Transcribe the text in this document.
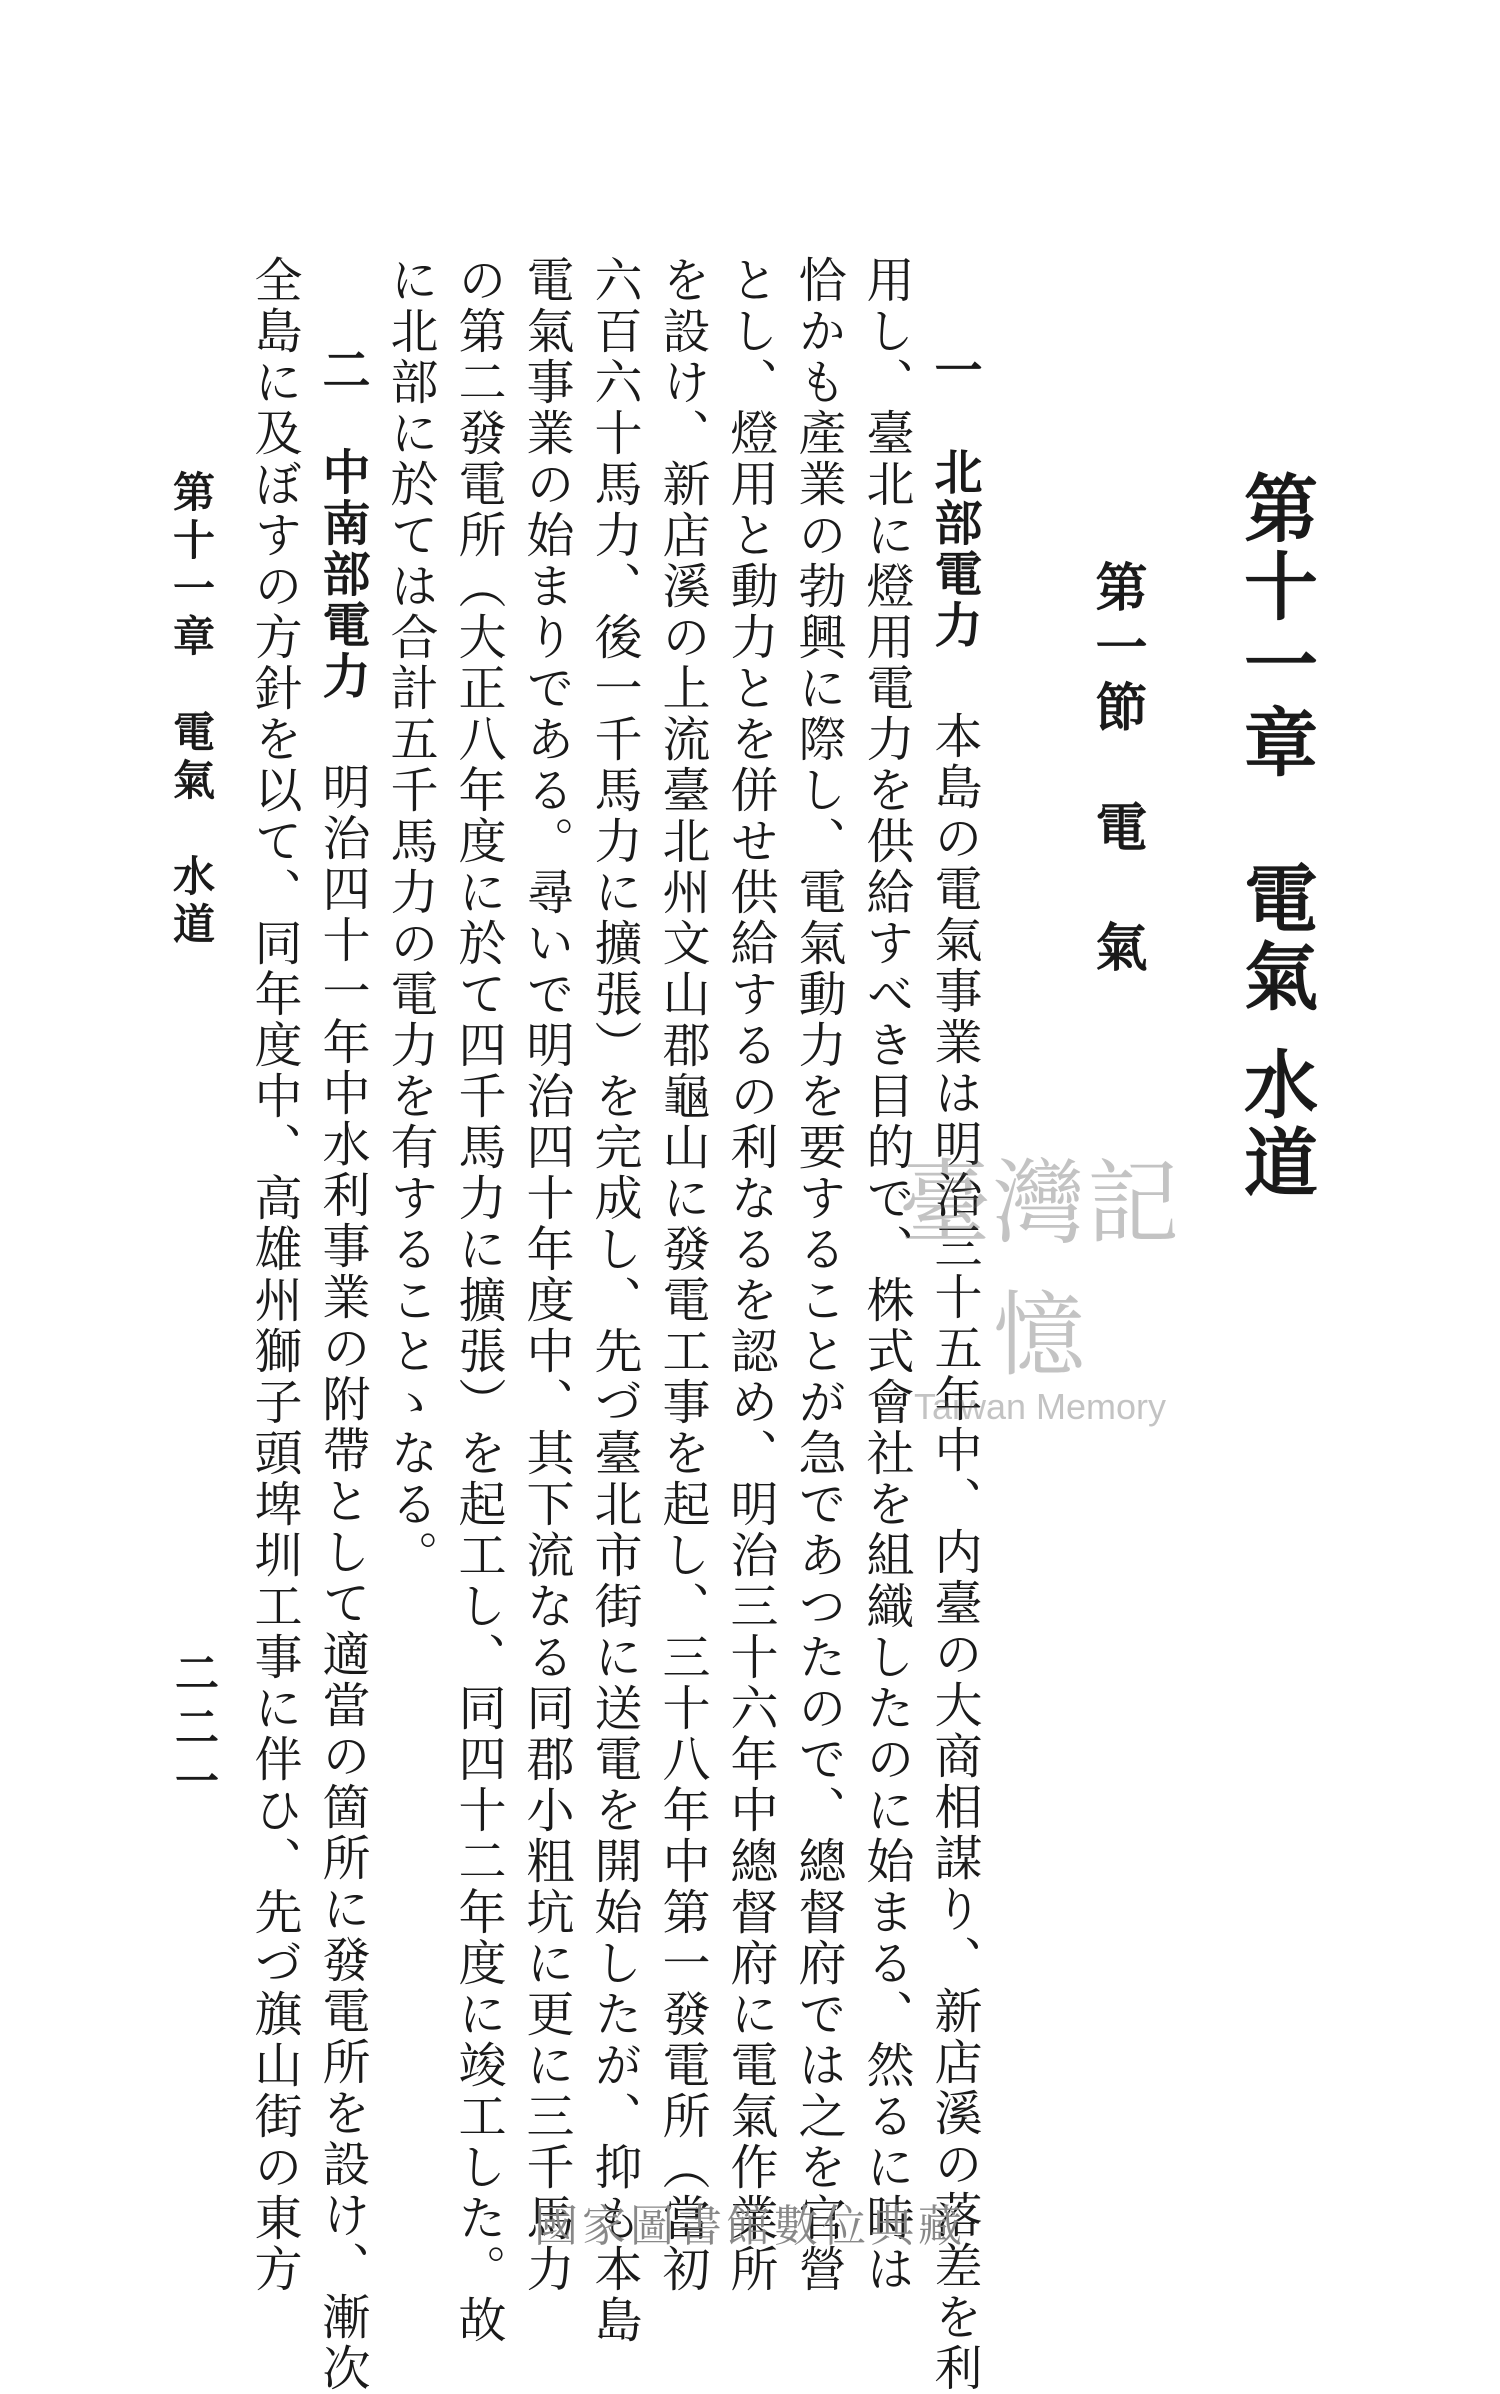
第十一章　電氣 水道
第一節　電　氣
一　北部電力本島の電氣事業は明治三十五年中、内臺の大商相謀り、新店溪の落差を利
用し、臺北に燈用電力を供給すべき目的で、株式會社を組織したのに始まる、然るに時は
恰かも產業の勃興に際し、電氣動力を要することが急であつたので、總督府では之を官營
とし、燈用と動力とを併せ供給するの利なるを認め、明治三十六年中總督府に電氣作業所
を設け、新店溪の上流臺北州文山郡龜山に發電工事を起し、三十八年中第一發電所（當初
六百六十馬力、後一千馬力に擴張）を完成し、先づ臺北市街に送電を開始したが、抑も本島
電氣事業の始まりである。尋いで明治四十年度中、其下流なる同郡小粗坑に更に三千馬力
の第二發電所（大正八年度に於て四千馬力に擴張）を起工し、同四十二年度に竣工した。故
に北部に於ては合計五千馬力の電力を有することゝなる。
第十一章　電氣　水道
二二一
臺灣記憶
Taiwan Memory
國家圖書館數位典藏
二　中南部電力明治四十一年中水利事業の附帶として適當の箇所に發電所を設け、漸次
全島に及ぼすの方針を以て、同年度中、高雄州獅子頭埤圳工事に伴ひ、先づ旗山街の東方
